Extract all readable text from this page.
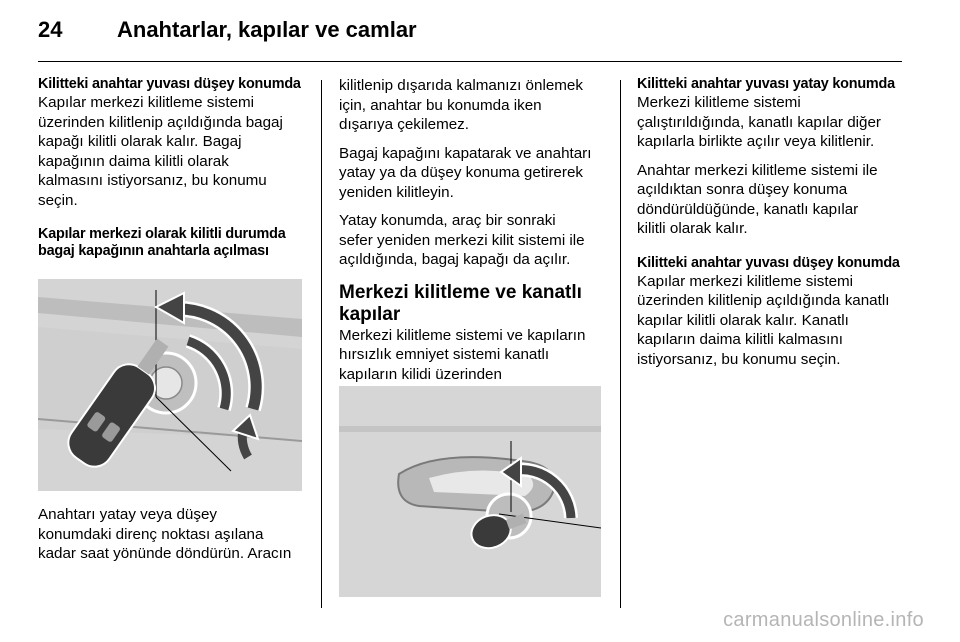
24 Anahtarlar, kapılar ve camlar
Kilitteki anahtar yuvası düşey konumda

Kapılar merkezi kilitleme sistemi
üzerinden kilitlenip açıldığında bagaj
kapağı kilitli olarak kalır. Bagaj
kapağının daima kilitli olarak
kalmasını istiyorsanız, bu konumu
seçin.

Kapılar merkezi olarak kilitli durumda bagaj kapağının anahtarla açılması
Anahtarı yatay veya düşey
konumdaki direnç noktası aşılana
kadar saat yönünde döndürün. Aracın

kilitlenip dışarıda kalmanızı önlemek
için, anahtar bu konumda iken
dışarıya çekilemez.

Bagaj kapağını kapatarak ve anahtarı
yatay ya da düşey konuma getirerek
yeniden kilitleyin.

Yatay konumda, araç bir sonraki
sefer yeniden merkezi kilit sistemi ile
açıldığında, bagaj kapağı da açılır.

Merkezi kilitleme ve kanatlı
kapılar

Merkezi kilitleme sistemi ve kapıların
hırsızlık emniyet sistemi kanatlı
kapıların kilidi üzerinden

Kilitteki anahtar yuvası yatay konumda

Merkezi kilitleme sistemi
çalıştırıldığında, kanatlı kapılar diğer
kapılarla birlikte açılır veya kilitlenir.

Anahtar merkezi kilitleme sistemi ile
açıldıktan sonra düşey konuma
döndürüldüğünde, kanatlı kapılar
kilitli olarak kalır.

Kilitteki anahtar yuvası düşey konumda

Kapılar merkezi kilitleme sistemi
üzerinden kilitlenip açıldığında kanatlı
kapılar kilitli olarak kalır. Kanatlı
kapıların daima kilitli kalmasını
istiyorsanız, bu konumu seçin.

carmanualsonline.info
